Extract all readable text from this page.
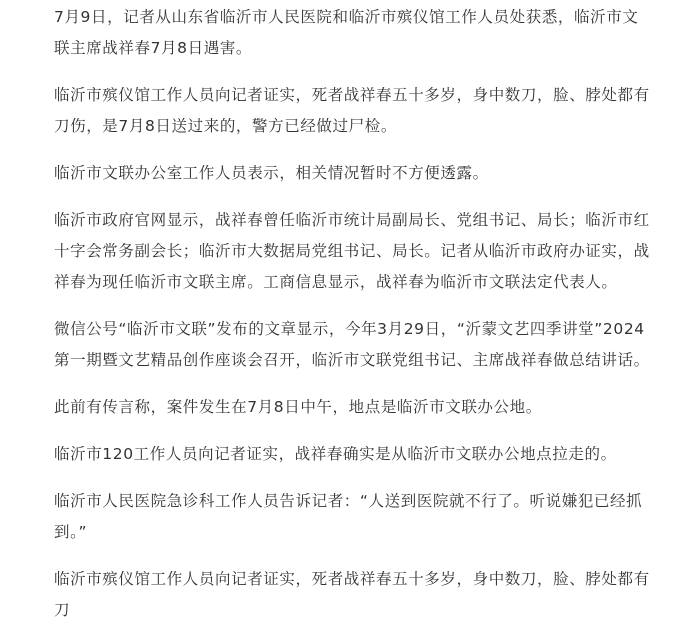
7月9日，记者从山东省临沂市人民医院和临沂市殡仪馆工作人员处获悉，临沂市文联主席战祥春7月8日遇害。

临沂市殡仪馆工作人员向记者证实，死者战祥春五十多岁，身中数刀，脸、脖处都有刀伤，是7月8日送过来的，警方已经做过尸检。

临沂市文联办公室工作人员表示，相关情况暂时不方便透露。

临沂市政府官网显示，战祥春曾任临沂市统计局副局长、党组书记、局长；临沂市红十字会常务副会长；临沂市大数据局党组书记、局长。记者从临沂市政府办证实，战祥春为现任临沂市文联主席。工商信息显示，战祥春为临沂市文联法定代表人。

微信公号“临沂市文联”发布的文章显示，今年3月29日，“沂蒙文艺四季讲堂”2024第一期暨文艺精品创作座谈会召开，临沂市文联党组书记、主席战祥春做总结讲话。

此前有传言称，案件发生在7月8日中午，地点是临沂市文联办公地。

临沂市120工作人员向记者证实，战祥春确实是从临沂市文联办公地点拉走的。

临沂市人民医院急诊科工作人员告诉记者：“人送到医院就不行了。听说嫌犯已经抓到。”

临沂市殡仪馆工作人员向记者证实，死者战祥春五十多岁，身中数刀，脸、脖处都有刀
